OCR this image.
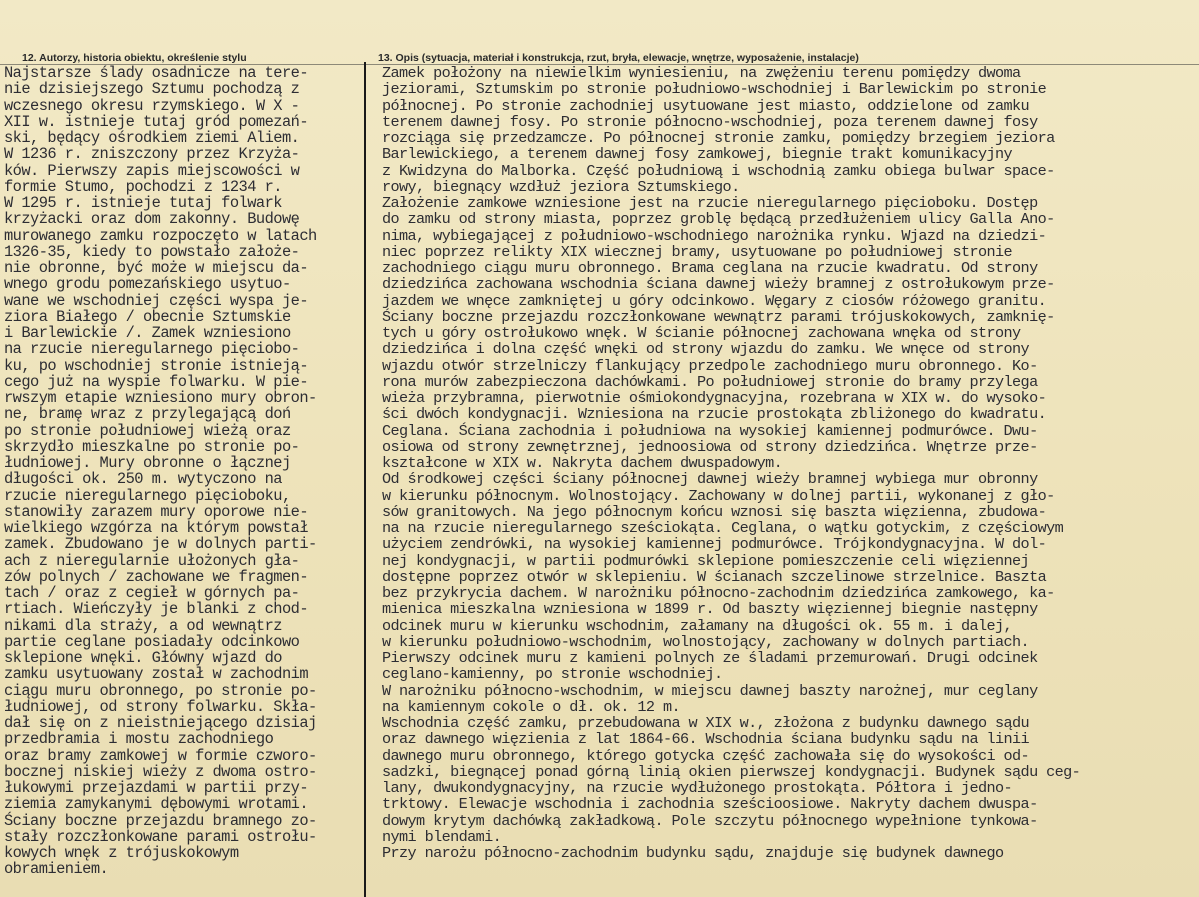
12. Autorzy, historia obiektu, określenie stylu	13. Opis (sytuacja, materiał i konstrukcja, rzut, bryła, elewacje, wnętrze, wyposażenie, instalacje)
Najstarsze ślady osadnicze na tere-
nie dzisiejszego Sztumu pochodzą z
wczesnego okresu rzymskiego. W X -
XII w. istnieje tutaj gród pomezań-
ski, będący ośrodkiem ziemi Aliem.
W 1236 r. zniszczony przez Krzyża-
ków. Pierwszy zapis miejscowości w
formie Stumo, pochodzi z 1234 r.
W 1295 r. istnieje tutaj folwark
krzyżacki oraz dom zakonny. Budowę
murowanego zamku rozpoczęto w latach
1326-35, kiedy to powstało założe-
nie obronne, być może w miejscu da-
wnego grodu pomezańskiego usytuo-
wane we wschodniej części wyspa je-
ziora Białego / obecnie Sztumskie
i Barlewickie /. Zamek wzniesiono
na rzucie nieregularnego pięciobo-
ku, po wschodniej stronie istnieją-
cego już na wyspie folwarku. W pie-
rwszym etapie wzniesiono mury obron-
ne, bramę wraz z przylegającą doń
po stronie południowej wieżą oraz
skrzydło mieszkalne po stronie po-
łudniowej. Mury obronne o łącznej
długości ok. 250 m. wytyczono na
rzucie nieregularnego pięcioboku,
stanowiły zarazem mury oporowe nie-
wielkiego wzgórza na którym powstał
zamek. Zbudowano je w dolnych parti-
ach z nieregularnie ułożonych gła-
zów polnych / zachowane we fragmen-
tach / oraz z cegieł w górnych pa-
rtiach. Wieńczyły je blanki z chod-
nikami dla straży, a od wewnątrz
partie ceglane posiadały odcinkowo
sklepione wnęki. Główny wjazd do
zamku usytuowany został w zachodnim
ciągu muru obronnego, po stronie po-
łudniowej, od strony folwarku. Skła-
dał się on z nieistniejącego dzisiaj
przedbramia i mostu zachodniego
oraz bramy zamkowej w formie czworo-
bocznej niskiej wieży z dwoma ostro-
łukowymi przejazdami w partii przy-
ziemia zamykanymi dębowymi wrotami.
Ściany boczne przejazdu bramnego zo-
stały rozczłonkowane parami ostrołu-
kowych wnęk z trójuskokowym
obramieniem.
Zamek położony na niewielkim wyniesieniu, na zwężeniu terenu pomiędzy dwoma
jeziorami, Sztumskim po stronie południowo-wschodniej i Barlewickim po stronie
północnej. Po stronie zachodniej usytuowane jest miasto, oddzielone od zamku
terenem dawnej fosy. Po stronie północno-wschodniej, poza terenem dawnej fosy
rozciąga się przedzamcze. Po północnej stronie zamku, pomiędzy brzegiem jeziora
Barlewickiego, a terenem dawnej fosy zamkowej, biegnie trakt komunikacyjny
z Kwidzyna do Malborka. Część południową i wschodnią zamku obiega bulwar space-
rowy, biegnący wzdłuż jeziora Sztumskiego.
Założenie zamkowe wzniesione jest na rzucie nieregularnego pięcioboku. Dostęp
do zamku od strony miasta, poprzez groblę będącą przedłużeniem ulicy Galla Ano-
nima, wybiegającej z południowo-wschodniego narożnika rynku. Wjazd na dziedzi-
niec poprzez relikty XIX wiecznej bramy, usytuowane po południowej stronie
zachodniego ciągu muru obronnego. Brama ceglana na rzucie kwadratu. Od strony
dziedzińca zachowana wschodnia ściana dawnej wieży bramnej z ostrołukowym prze-
jazdem we wnęce zamkniętej u góry odcinkowo. Węgary z ciosów różowego granitu.
Ściany boczne przejazdu rozczłonkowane wewnątrz parami trójuskokowych, zamknię-
tych u góry ostrołukowo wnęk. W ścianie północnej zachowana wnęka od strony
dziedzińca i dolna część wnęki od strony wjazdu do zamku. We wnęce od strony
wjazdu otwór strzelniczy flankujący przedpole zachodniego muru obronnego. Ko-
rona murów zabezpieczona dachówkami. Po południowej stronie do bramy przylega
wieża przybramna, pierwotnie ośmiokondygnacyjna, rozebrana w XIX w. do wysoko-
ści dwóch kondygnacji. Wzniesiona na rzucie prostokąta zbliżonego do kwadratu.
Ceglana. Ściana zachodnia i południowa na wysokiej kamiennej podmurówce. Dwu-
osiowa od strony zewnętrznej, jednoosiowa od strony dziedzińca. Wnętrze prze-
kształcone w XIX w. Nakryta dachem dwuspadowym.
Od środkowej części ściany północnej dawnej wieży bramnej wybiega mur obronny
w kierunku północnym. Wolnostojący. Zachowany w dolnej partii, wykonanej z gło-
sów granitowych. Na jego północnym końcu wznosi się baszta więzienna, zbudowa-
na na rzucie nieregularnego sześciokąta. Ceglana, o wątku gotyckim, z częściowym
użyciem zendrówki, na wysokiej kamiennej podmurówce. Trójkondygnacyjna. W dol-
nej kondygnacji, w partii podmurówki sklepione pomieszczenie celi więziennej
dostępne poprzez otwór w sklepieniu. W ścianach szczelinowe strzelnice. Baszta
bez przykrycia dachem. W narożniku północno-zachodnim dziedzińca zamkowego, ka-
mienica mieszkalna wzniesiona w 1899 r. Od baszty więziennej biegnie następny
odcinek muru w kierunku wschodnim, załamany na długości ok. 55 m. i dalej,
w kierunku południowo-wschodnim, wolnostojący, zachowany w dolnych partiach.
Pierwszy odcinek muru z kamieni polnych ze śladami przemurowań. Drugi odcinek
ceglano-kamienny, po stronie wschodniej.
W narożniku północno-wschodnim, w miejscu dawnej baszty narożnej, mur ceglany
na kamiennym cokole o dł. ok. 12 m.
Wschodnia część zamku, przebudowana w XIX w., złożona z budynku dawnego sądu
oraz dawnego więzienia z lat 1864-66. Wschodnia ściana budynku sądu na linii
dawnego muru obronnego, którego gotycka część zachowała się do wysokości od-
sadzki, biegnącej ponad górną linią okien pierwszej kondygnacji. Budynek sądu ceg-
lany, dwukondygnacyjny, na rzucie wydłużonego prostokąta. Półtora i jedno-
trktowy. Elewacje wschodnia i zachodnia sześcioosiowe. Nakryty dachem dwuspa-
dowym krytym dachówką zakładkową. Pole szczytu północnego wypełnione tynkowa-
nymi blendami.
Przy narożu północno-zachodnim budynku sądu, znajduje się budynek dawnego
